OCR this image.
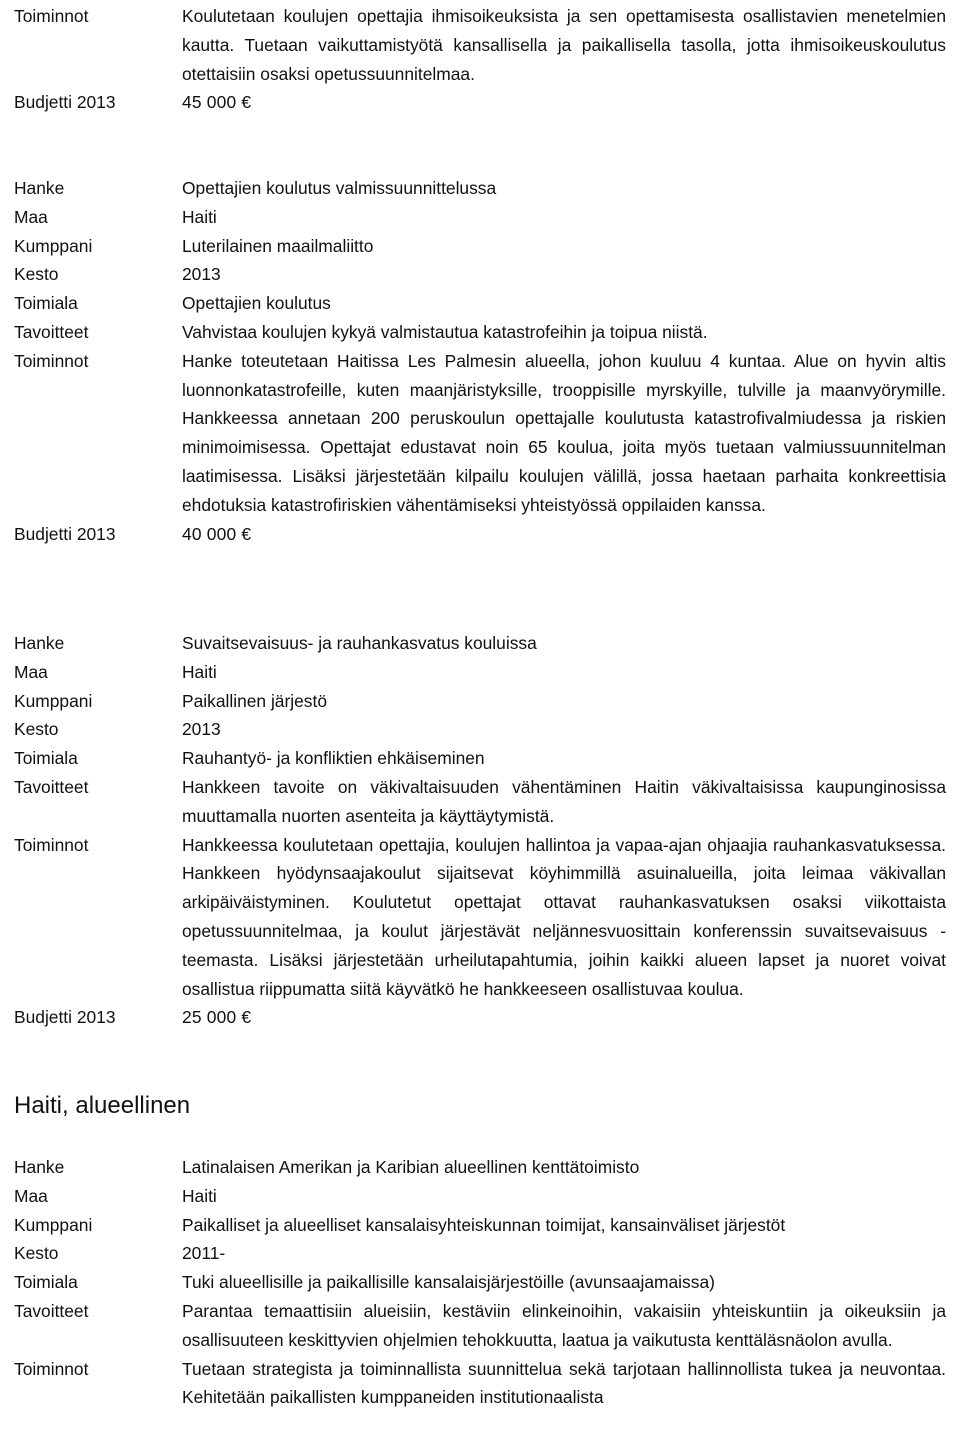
Toiminnot	Koulutetaan koulujen opettajia ihmisoikeuksista ja sen opettamisesta osallistavien menetelmien kautta. Tuetaan vaikuttamistyötä kansallisella ja paikallisella tasolla, jotta ihmisoikeuskoulutus otettaisiin osaksi opetussuunnitelmaa.
Budjetti 2013	45 000 €
Hanke	Opettajien koulutus valmissuunnittelussa
Maa	Haiti
Kumppani	Luterilainen maailmaliitto
Kesto	2013
Toimiala	Opettajien koulutus
Tavoitteet	Vahvistaa koulujen kykyä valmistautua katastrofeihin ja toipua niistä.
Toiminnot	Hanke toteutetaan Haitissa Les Palmesin alueella, johon kuuluu 4 kuntaa. Alue on hyvin altis luonnonkatastrofeille, kuten maanjäristyksille, trooppisille myrskyille, tulville ja maanvyörymille. Hankkeessa annetaan 200 peruskoulun opettajalle koulutusta katastrofivalmiudessa ja riskien minimoimisessa. Opettajat edustavat noin 65 koulua, joita myös tuetaan valmiussuunnitelman laatimisessa. Lisäksi järjestetään kilpailu koulujen välillä, jossa haetaan parhaita konkreettisia ehdotuksia katastrofiriskien vähentämiseksi yhteistyössä oppilaiden kanssa.
Budjetti 2013	40 000 €
Hanke	Suvaitsevaisuus- ja rauhankasvatus kouluissa
Maa	Haiti
Kumppani	Paikallinen järjestö
Kesto	2013
Toimiala	Rauhantyö- ja konfliktien ehkäiseminen
Tavoitteet	Hankkeen tavoite on väkivaltaisuuden vähentäminen Haitin väkivaltaisissa kaupunginosissa muuttamalla nuorten asenteita ja käyttäytymistä.
Toiminnot	Hankkeessa koulutetaan opettajia, koulujen hallintoa ja vapaa-ajan ohjaajia rauhankasvatuksessa. Hankkeen hyödynsaajakoulut sijaitsevat köyhimmillä asuinalueilla, joita leimaa väkivallan arkipäiväistyminen. Koulutetut opettajat ottavat rauhankasvatuksen osaksi viikottaista opetussuunnitelmaa, ja koulut järjestävät neljännesvuosittain konferenssin suvaitsevaisuus -teemasta. Lisäksi järjestetään urheilutapahtumia, joihin kaikki alueen lapset ja nuoret voivat osallistua riippumatta siitä käyvätkö he hankkeeseen osallistuvaa koulua.
Budjetti 2013	25 000 €
Haiti, alueellinen
Hanke	Latinalaisen Amerikan ja Karibian alueellinen kenttätoimisto
Maa	Haiti
Kumppani	Paikalliset ja alueelliset kansalaisyhteiskunnan toimijat, kansainväliset järjestöt
Kesto	2011-
Toimiala	Tuki alueellisille ja paikallisille kansalaisjärjestöille (avunsaajamaissa)
Tavoitteet	Parantaa temaattisiin alueisiin, kestäviin elinkeinoihin, vakaisiin yhteiskuntiin ja oikeuksiin ja osallisuuteen keskittyvien ohjelmien tehokkuutta, laatua ja vaikutusta kenttäläsnäolon avulla.
Toiminnot	Tuetaan strategista ja toiminnallista suunnittelua sekä tarjotaan hallinnollista tukea ja neuvontaa. Kehitetään paikallisten kumppaneiden institutionaalista
